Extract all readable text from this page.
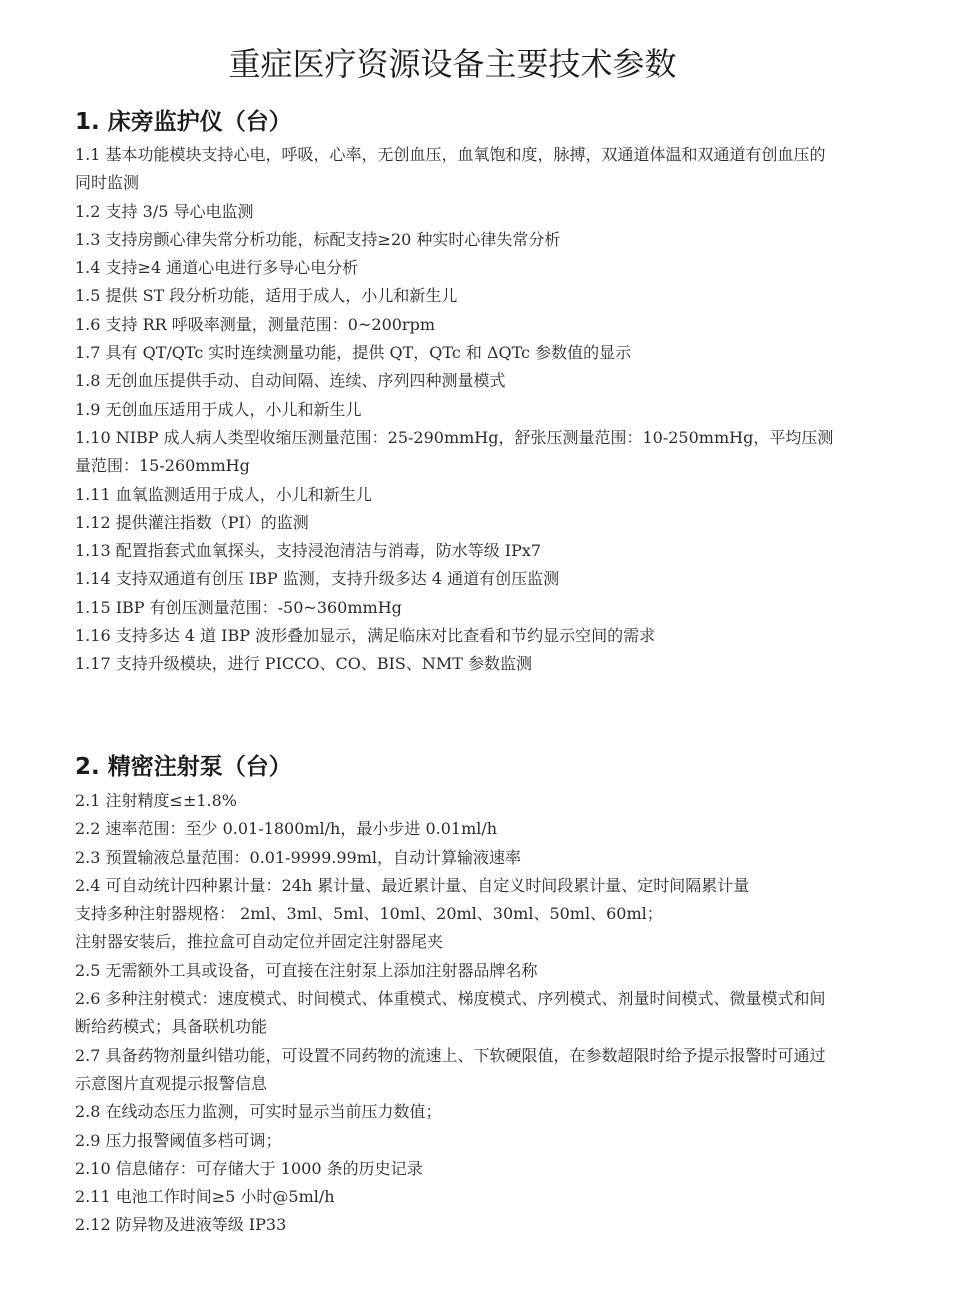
重症医疗资源设备主要技术参数
1. 床旁监护仪（台）
1.1 基本功能模块支持心电，呼吸，心率，无创血压，血氧饱和度，脉搏，双通道体温和双通道有创血压的同时监测
1.2 支持 3/5 导心电监测
1.3 支持房颤心律失常分析功能，标配支持≥20 种实时心律失常分析
1.4 支持≥4 通道心电进行多导心电分析
1.5 提供 ST 段分析功能，适用于成人，小儿和新生儿
1.6 支持 RR 呼吸率测量，测量范围：0~200rpm
1.7 具有 QT/QTc 实时连续测量功能，提供 QT，QTc 和 ΔQTc 参数值的显示
1.8 无创血压提供手动、自动间隔、连续、序列四种测量模式
1.9 无创血压适用于成人，小儿和新生儿
1.10 NIBP 成人病人类型收缩压测量范围：25-290mmHg，舒张压测量范围：10-250mmHg，平均压测量范围：15-260mmHg
1.11 血氧监测适用于成人，小儿和新生儿
1.12 提供灌注指数（PI）的监测
1.13 配置指套式血氧探头，支持浸泡清洁与消毒，防水等级 IPx7
1.14 支持双通道有创压 IBP 监测，支持升级多达 4 通道有创压监测
1.15 IBP 有创压测量范围：-50~360mmHg
1.16 支持多达 4 道 IBP 波形叠加显示，满足临床对比查看和节约显示空间的需求
1.17 支持升级模块，进行 PICCO、CO、BIS、NMT 参数监测
2. 精密注射泵（台）
2.1 注射精度≤±1.8%
2.2 速率范围：至少 0.01-1800ml/h，最小步进 0.01ml/h
2.3 预置输液总量范围：0.01-9999.99ml，自动计算输液速率
2.4 可自动统计四种累计量：24h 累计量、最近累计量、自定义时间段累计量、定时间隔累计量
支持多种注射器规格： 2ml、3ml、5ml、10ml、20ml、30ml、50ml、60ml；
注射器安装后，推拉盒可自动定位并固定注射器尾夹
2.5 无需额外工具或设备，可直接在注射泵上添加注射器品牌名称
2.6 多种注射模式：速度模式、时间模式、体重模式、梯度模式、序列模式、剂量时间模式、微量模式和间断给药模式；具备联机功能
2.7 具备药物剂量纠错功能，可设置不同药物的流速上、下软硬限值，在参数超限时给予提示报警时可通过示意图片直观提示报警信息
2.8 在线动态压力监测，可实时显示当前压力数值；
2.9 压力报警阈值多档可调；
2.10 信息储存：可存储大于 1000 条的历史记录
2.11 电池工作时间≥5 小时@5ml/h
2.12 防异物及进液等级 IP33
